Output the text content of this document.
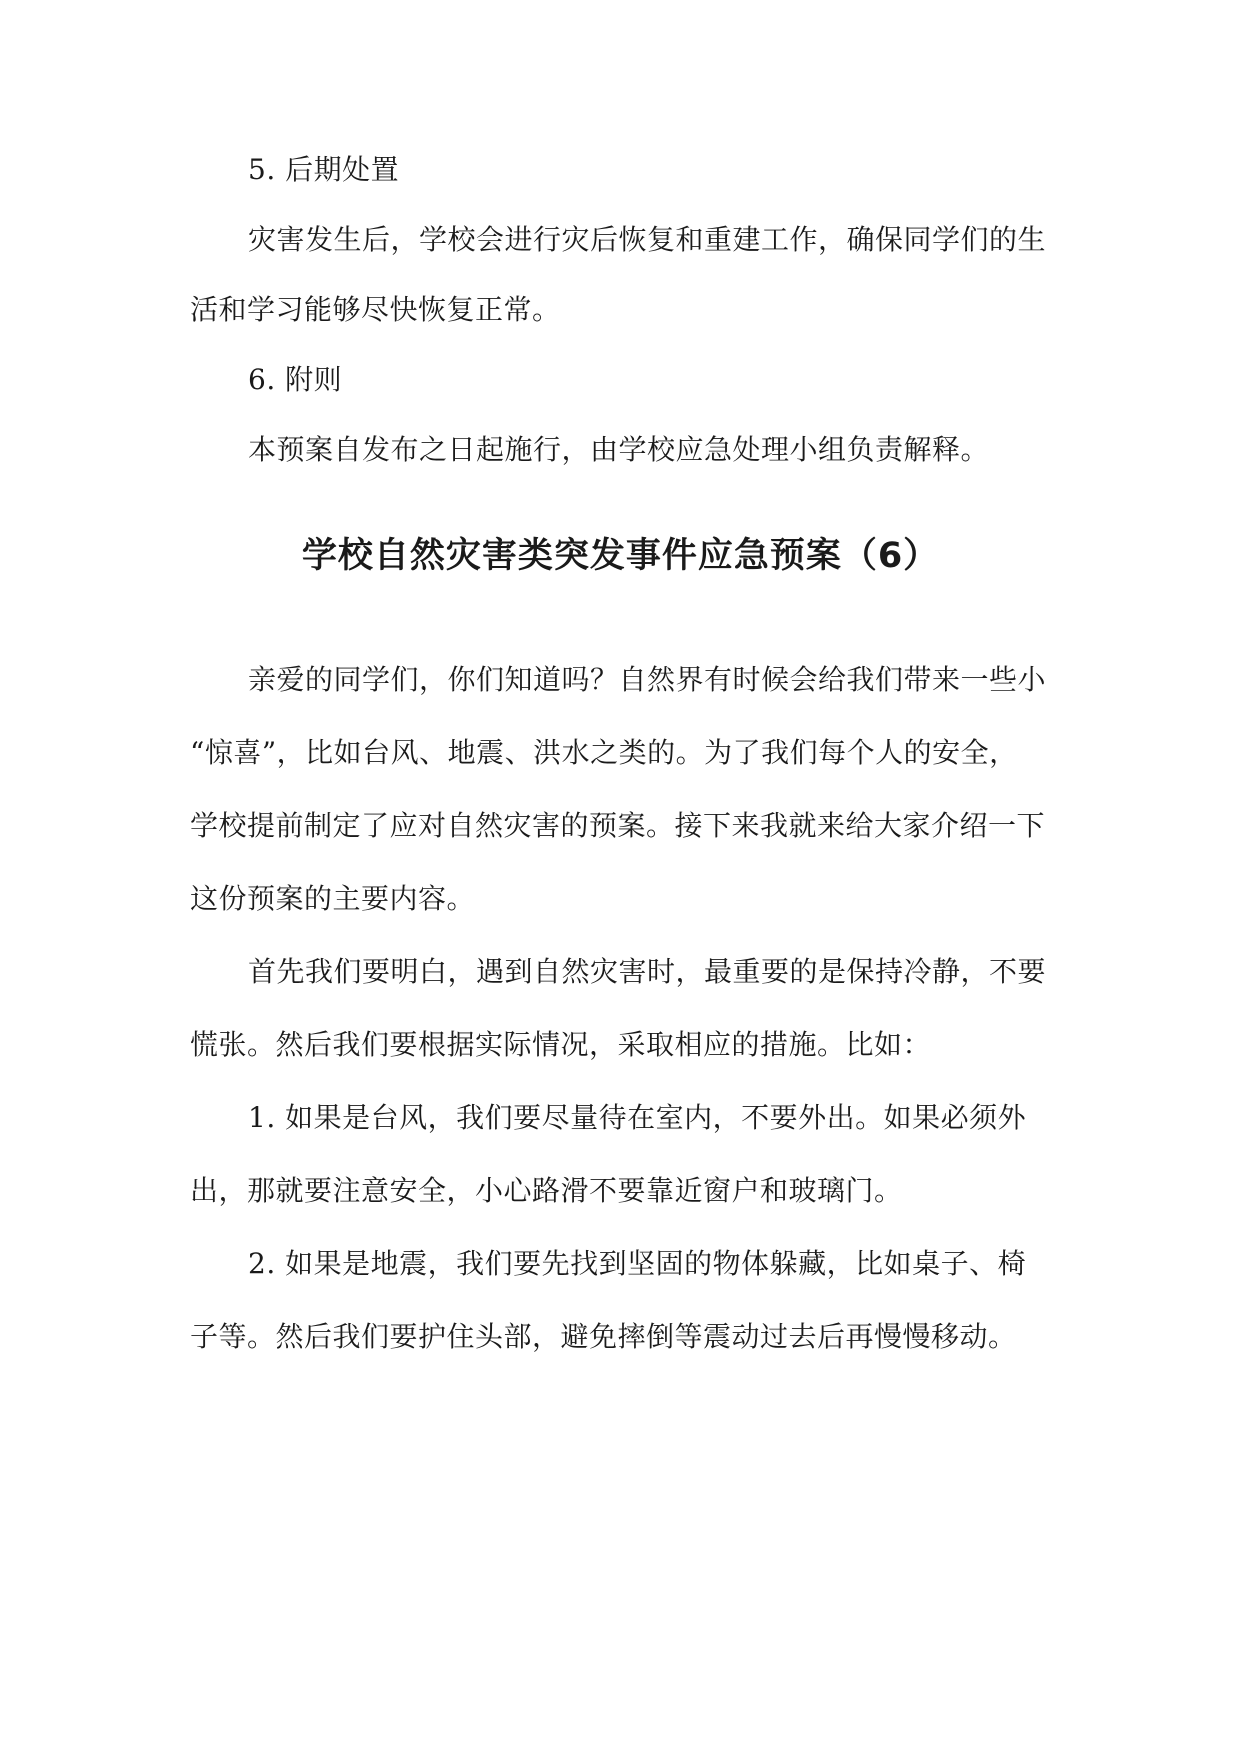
5. 后期处置
灾害发生后，学校会进行灾后恢复和重建工作，确保同学们的生
活和学习能够尽快恢复正常。
6. 附则
本预案自发布之日起施行，由学校应急处理小组负责解释。
学校自然灾害类突发事件应急预案（6）
亲爱的同学们，你们知道吗？自然界有时候会给我们带来一些小
“惊喜”，比如台风、地震、洪水之类的。为了我们每个人的安全，
学校提前制定了应对自然灾害的预案。接下来我就来给大家介绍一下
这份预案的主要内容。
首先我们要明白，遇到自然灾害时，最重要的是保持冷静，不要
慌张。然后我们要根据实际情况，采取相应的措施。比如：
1. 如果是台风，我们要尽量待在室内，不要外出。如果必须外
出，那就要注意安全，小心路滑不要靠近窗户和玻璃门。
2. 如果是地震，我们要先找到坚固的物体躲藏，比如桌子、椅
子等。然后我们要护住头部，避免摔倒等震动过去后再慢慢移动。
